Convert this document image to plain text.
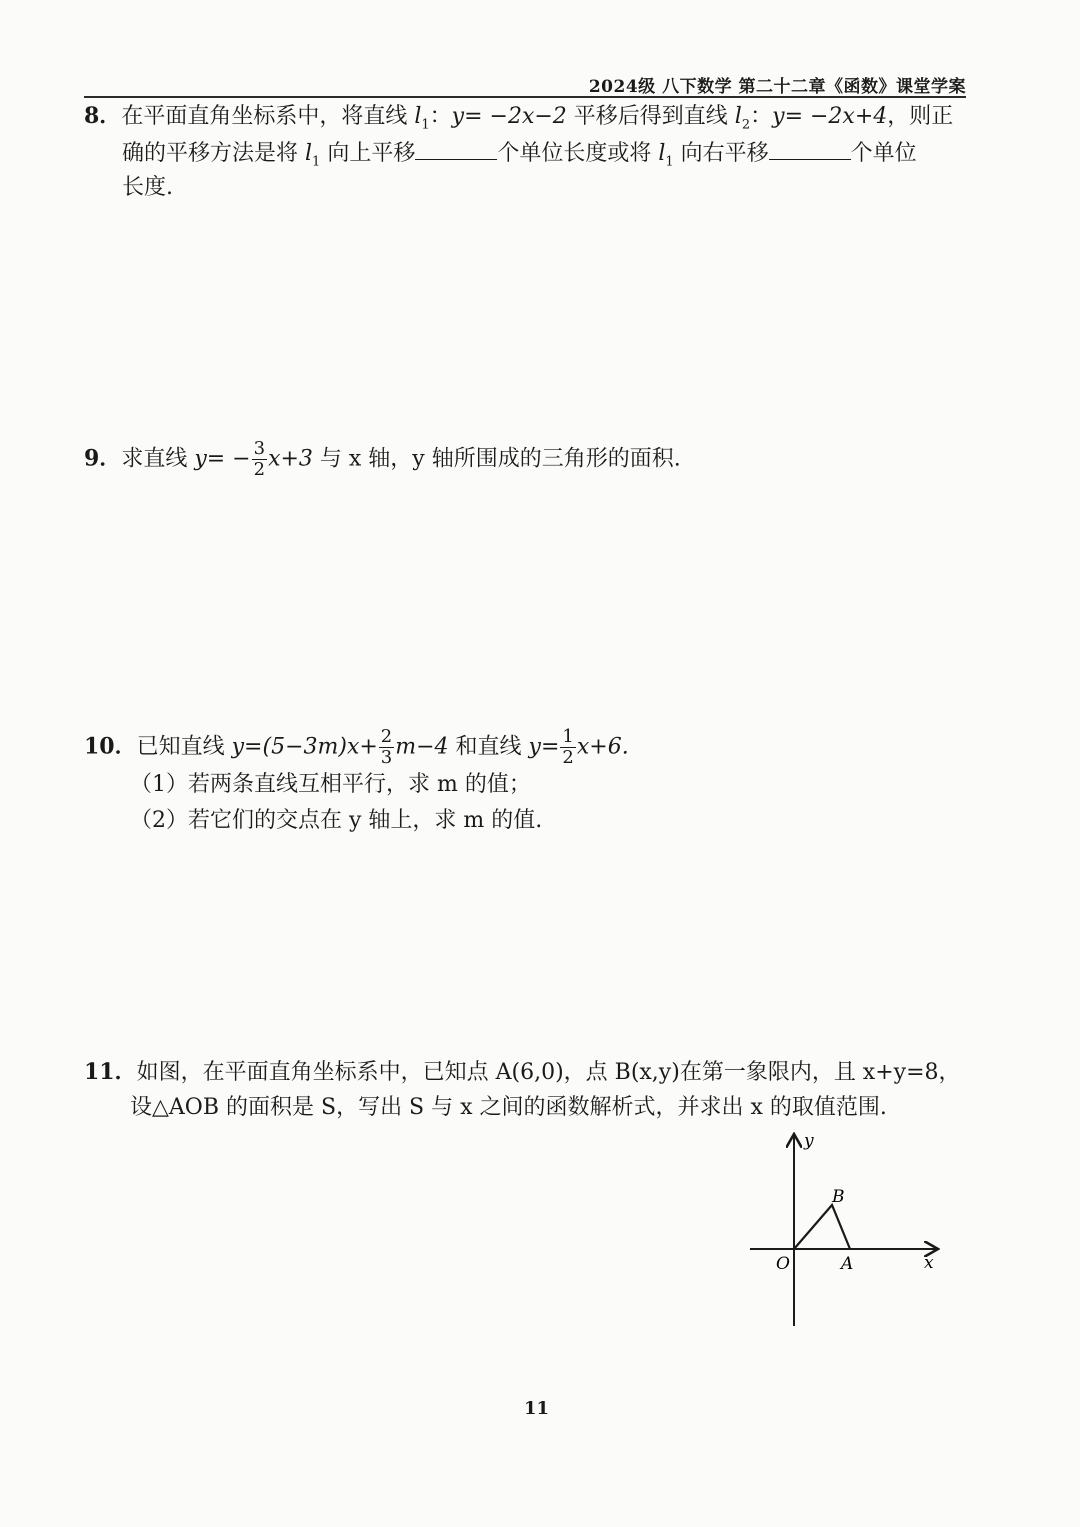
2024级 八下数学 第二十二章《函数》课堂学案
8．在平面直角坐标系中，将直线 $l_1$：y= −2x−2 平移后得到直线 $l_2$：y= −2x+4，则正
确的平移方法是将 $l_1$ 向上平移	个单位长度或将 $l_1$ 向右平移	个单位
长度.
9．求直线 $y= - \frac{3}{2} x+3$ 与 x 轴，y 轴所围成的三角形的面积.
10．已知直线 $y=(5-3m)x+ \frac{2}{3} m-4$ 和直线 $y= \frac{1}{2} x+6$.
（1）若两条直线互相平行，求 m 的值；
（2）若它们的交点在 y 轴上，求 m 的值.
11．如图，在平面直角坐标系中，已知点 A(6,0)，点 B(x,y)在第一象限内，且 x+y=8，
设△AOB 的面积是 S，写出 S 与 x 之间的函数解析式，并求出 x 的取值范围.
y
x
O	A
B
11
